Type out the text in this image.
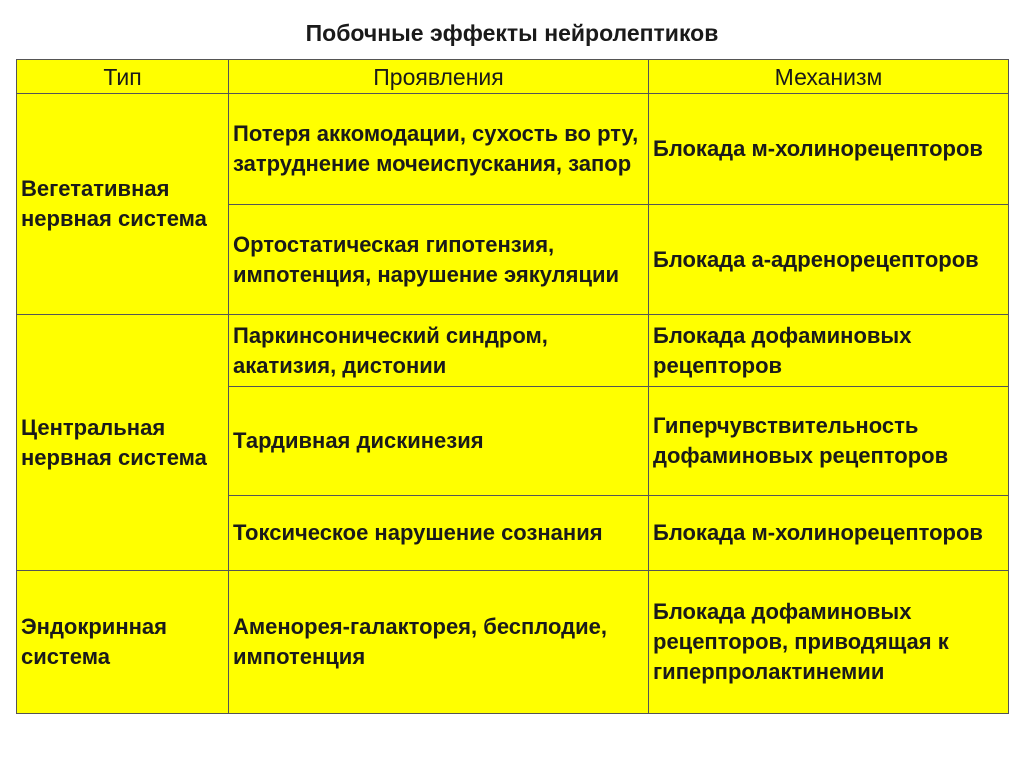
Побочные эффекты нейролептиков
Тип	Проявления	Механизм
Вегетативная нервная система	Потеря аккомодации, сухость во рту, затруднение мочеиспускания, запор	Блокада м-холинорецепторов
	Ортостатическая гипотензия, импотенция, нарушение эякуляции	Блокада а-адренорецепторов
Центральная нервная система	Паркинсонический синдром, акатизия, дистонии	Блокада дофаминовых рецепторов
	Тардивная дискинезия	Гиперчувствительность дофаминовых рецепторов
	Токсическое нарушение сознания	Блокада м-холинорецепторов
Эндокринная система	Аменорея-галакторея, бесплодие, импотенция	Блокада дофаминовых рецепторов, приводящая к гиперпролактинемии
